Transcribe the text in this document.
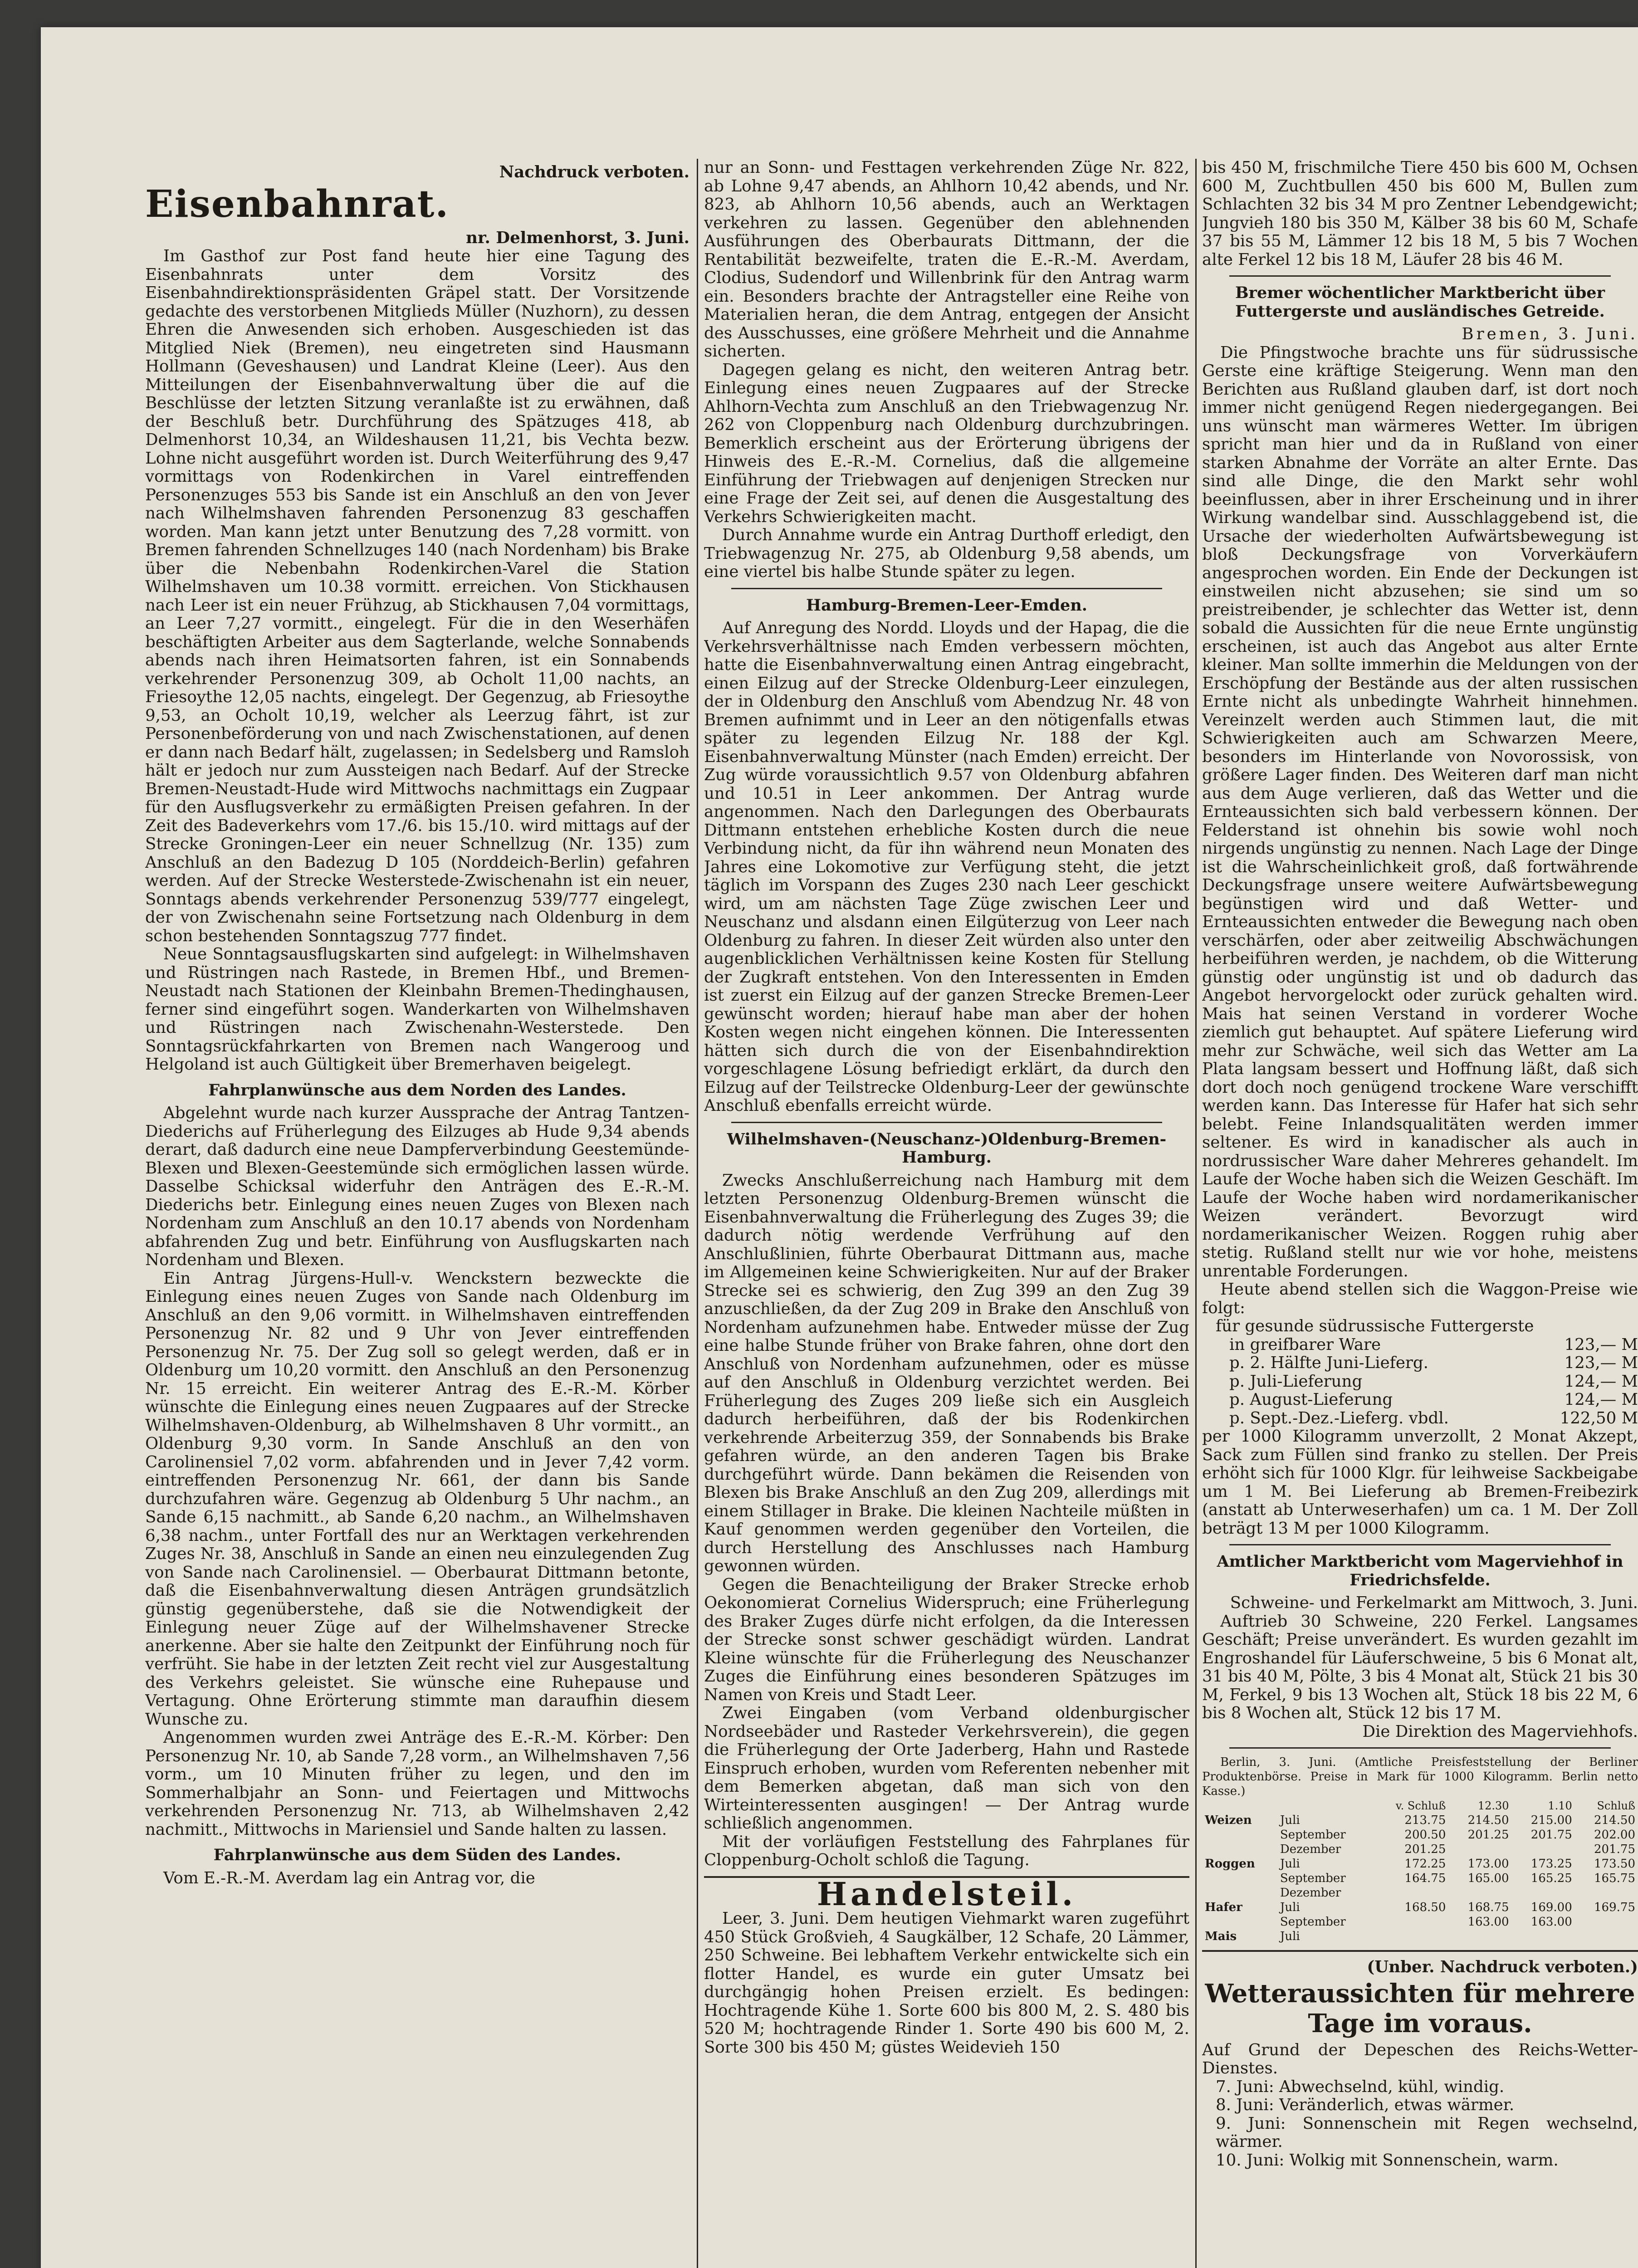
Nachdruck verboten.

Eisenbahnrat.

nr. Delmenhorst, 3. Juni.

Im Gasthof zur Post fand heute hier eine Tagung des Eisenbahnrats unter dem Vorsitz des Eisenbahndirektionspräsidenten Gräpel statt. Der Vorsitzende gedachte des verstorbenen Mitglieds Müller (Nuzhorn), zu dessen Ehren die Anwesenden sich erhoben. Ausgeschieden ist das Mitglied Niek (Bremen), neu eingetreten sind Hausmann Hollmann (Geveshausen) und Landrat Kleine (Leer). Aus den Mitteilungen der Eisenbahnverwaltung über die auf die Beschlüsse der letzten Sitzung veranlaßte ist zu erwähnen, daß der Beschluß betr. Durchführung des Spätzuges 418, ab Delmenhorst 10,34, an Wildeshausen 11,21, bis Vechta bezw. Lohne nicht ausgeführt worden ist. Durch Weiterführung des 9,47 vormittags von Rodenkirchen in Varel eintreffenden Personenzuges 553 bis Sande ist ein Anschluß an den von Jever nach Wilhelmshaven fahrenden Personenzug 83 geschaffen worden. Man kann jetzt unter Benutzung des 7,28 vormitt. von Bremen fahrenden Schnellzuges 140 (nach Nordenham) bis Brake über die Nebenbahn Rodenkirchen-Varel die Station Wilhelmshaven um 10.38 vormitt. erreichen. Von Stickhausen nach Leer ist ein neuer Frühzug, ab Stickhausen 7,04 vormittags, an Leer 7,27 vormitt., eingelegt. Für die in den Weserhäfen beschäftigten Arbeiter aus dem Sagterlande, welche Sonnabends abends nach ihren Heimatsorten fahren, ist ein Sonnabends verkehrender Personenzug 309, ab Ocholt 11,00 nachts, an Friesoythe 12,05 nachts, eingelegt. Der Gegenzug, ab Friesoythe 9,53, an Ocholt 10,19, welcher als Leerzug fährt, ist zur Personenbeförderung von und nach Zwischenstationen, auf denen er dann nach Bedarf hält, zugelassen; in Sedelsberg und Ramsloh hält er jedoch nur zum Aussteigen nach Bedarf. Auf der Strecke Bremen-Neustadt-Hude wird Mittwochs nachmittags ein Zugpaar für den Ausflugsverkehr zu ermäßigten Preisen gefahren. In der Zeit des Badeverkehrs vom 17./6. bis 15./10. wird mittags auf der Strecke Groningen-Leer ein neuer Schnellzug (Nr. 135) zum Anschluß an den Badezug D 105 (Norddeich-Berlin) gefahren werden. Auf der Strecke Westerstede-Zwischenahn ist ein neuer, Sonntags abends verkehrender Personenzug 539/777 eingelegt, der von Zwischenahn seine Fortsetzung nach Oldenburg in dem schon bestehenden Sonntagszug 777 findet.

Neue Sonntagsausflugskarten sind aufgelegt: in Wilhelmshaven und Rüstringen nach Rastede, in Bremen Hbf., und Bremen-Neustadt nach Stationen der Kleinbahn Bremen-Thedinghausen, ferner sind eingeführt sogen. Wanderkarten von Wilhelmshaven und Rüstringen nach Zwischenahn-Westerstede. Den Sonntagsrückfahrkarten von Bremen nach Wangeroog und Helgoland ist auch Gültigkeit über Bremerhaven beigelegt.

Fahrplanwünsche aus dem Norden des Landes.

Abgelehnt wurde nach kurzer Aussprache der Antrag Tantzen-Diederichs auf Früherlegung des Eilzuges ab Hude 9,34 abends derart, daß dadurch eine neue Dampferverbindung Geestemünde-Blexen und Blexen-Geestemünde sich ermöglichen lassen würde. Dasselbe Schicksal widerfuhr den Anträgen des E.-R.-M. Diederichs betr. Einlegung eines neuen Zuges von Blexen nach Nordenham zum Anschluß an den 10.17 abends von Nordenham abfahrenden Zug und betr. Einführung von Ausflugskarten nach Nordenham und Blexen.

Ein Antrag Jürgens-Hull-v. Wenckstern bezweckte die Einlegung eines neuen Zuges von Sande nach Oldenburg im Anschluß an den 9,06 vormitt. in Wilhelmshaven eintreffenden Personenzug Nr. 82 und 9 Uhr von Jever eintreffenden Personenzug Nr. 75. Der Zug soll so gelegt werden, daß er in Oldenburg um 10,20 vormitt. den Anschluß an den Personenzug Nr. 15 erreicht. Ein weiterer Antrag des E.-R.-M. Körber wünschte die Einlegung eines neuen Zugpaares auf der Strecke Wilhelmshaven-Oldenburg, ab Wilhelmshaven 8 Uhr vormitt., an Oldenburg 9,30 vorm. In Sande Anschluß an den von Carolinensiel 7,02 vorm. abfahrenden und in Jever 7,42 vorm. eintreffenden Personenzug Nr. 661, der dann bis Sande durchzufahren wäre. Gegenzug ab Oldenburg 5 Uhr nachm., an Sande 6,15 nachmitt., ab Sande 6,20 nachm., an Wilhelmshaven 6,38 nachm., unter Fortfall des nur an Werktagen verkehrenden Zuges Nr. 38, Anschluß in Sande an einen neu einzulegenden Zug von Sande nach Carolinensiel. — Oberbaurat Dittmann betonte, daß die Eisenbahnverwaltung diesen Anträgen grundsätzlich günstig gegenüberstehe, daß sie die Notwendigkeit der Einlegung neuer Züge auf der Wilhelmshavener Strecke anerkenne. Aber sie halte den Zeitpunkt der Einführung noch für verfrüht. Sie habe in der letzten Zeit recht viel zur Ausgestaltung des Verkehrs geleistet. Sie wünsche eine Ruhepause und Vertagung. Ohne Erörterung stimmte man daraufhin diesem Wunsche zu.

Angenommen wurden zwei Anträge des E.-R.-M. Körber: Den Personenzug Nr. 10, ab Sande 7,28 vorm., an Wilhelmshaven 7,56 vorm., um 10 Minuten früher zu legen, und den im Sommerhalbjahr an Sonn- und Feiertagen und Mittwochs verkehrenden Personenzug Nr. 713, ab Wilhelmshaven 2,42 nachmitt., Mittwochs in Mariensiel und Sande halten zu lassen.

Fahrplanwünsche aus dem Süden des Landes.

Vom E.-R.-M. Averdam lag ein Antrag vor, die

nur an Sonn- und Festtagen verkehrenden Züge Nr. 822, ab Lohne 9,47 abends, an Ahlhorn 10,42 abends, und Nr. 823, ab Ahlhorn 10,56 abends, auch an Werktagen verkehren zu lassen. Gegenüber den ablehnenden Ausführungen des Oberbaurats Dittmann, der die Rentabilität bezweifelte, traten die E.-R.-M. Averdam, Clodius, Sudendorf und Willenbrink für den Antrag warm ein. Besonders brachte der Antragsteller eine Reihe von Materialien heran, die dem Antrag, entgegen der Ansicht des Ausschusses, eine größere Mehrheit und die Annahme sicherten.

Dagegen gelang es nicht, den weiteren Antrag betr. Einlegung eines neuen Zugpaares auf der Strecke Ahlhorn-Vechta zum Anschluß an den Triebwagenzug Nr. 262 von Cloppenburg nach Oldenburg durchzubringen. Bemerklich erscheint aus der Erörterung übrigens der Hinweis des E.-R.-M. Cornelius, daß die allgemeine Einführung der Triebwagen auf denjenigen Strecken nur eine Frage der Zeit sei, auf denen die Ausgestaltung des Verkehrs Schwierigkeiten macht.

Durch Annahme wurde ein Antrag Durthoff erledigt, den Triebwagenzug Nr. 275, ab Oldenburg 9,58 abends, um eine viertel bis halbe Stunde später zu legen.

Hamburg-Bremen-Leer-Emden.

Auf Anregung des Nordd. Lloyds und der Hapag, die die Verkehrsverhältnisse nach Emden verbessern möchten, hatte die Eisenbahnverwaltung einen Antrag eingebracht, einen Eilzug auf der Strecke Oldenburg-Leer einzulegen, der in Oldenburg den Anschluß vom Abendzug Nr. 48 von Bremen aufnimmt und in Leer an den nötigenfalls etwas später zu legenden Eilzug Nr. 188 der Kgl. Eisenbahnverwaltung Münster (nach Emden) erreicht. Der Zug würde voraussichtlich 9.57 von Oldenburg abfahren und 10.51 in Leer ankommen. Der Antrag wurde angenommen. Nach den Darlegungen des Oberbaurats Dittmann entstehen erhebliche Kosten durch die neue Verbindung nicht, da für ihn während neun Monaten des Jahres eine Lokomotive zur Verfügung steht, die jetzt täglich im Vorspann des Zuges 230 nach Leer geschickt wird, um am nächsten Tage Züge zwischen Leer und Neuschanz und alsdann einen Eilgüterzug von Leer nach Oldenburg zu fahren. In dieser Zeit würden also unter den augenblicklichen Verhältnissen keine Kosten für Stellung der Zugkraft entstehen. Von den Interessenten in Emden ist zuerst ein Eilzug auf der ganzen Strecke Bremen-Leer gewünscht worden; hierauf habe man aber der hohen Kosten wegen nicht eingehen können. Die Interessenten hätten sich durch die von der Eisenbahndirektion vorgeschlagene Lösung befriedigt erklärt, da durch den Eilzug auf der Teilstrecke Oldenburg-Leer der gewünschte Anschluß ebenfalls erreicht würde.

Wilhelmshaven-(Neuschanz-)Oldenburg-Bremen-Hamburg.

Zwecks Anschlußerreichung nach Hamburg mit dem letzten Personenzug Oldenburg-Bremen wünscht die Eisenbahnverwaltung die Früherlegung des Zuges 39; die dadurch nötig werdende Verfrühung auf den Anschlußlinien, führte Oberbaurat Dittmann aus, mache im Allgemeinen keine Schwierigkeiten. Nur auf der Braker Strecke sei es schwierig, den Zug 399 an den Zug 39 anzuschließen, da der Zug 209 in Brake den Anschluß von Nordenham aufzunehmen habe. Entweder müsse der Zug eine halbe Stunde früher von Brake fahren, ohne dort den Anschluß von Nordenham aufzunehmen, oder es müsse auf den Anschluß in Oldenburg verzichtet werden. Bei Früherlegung des Zuges 209 ließe sich ein Ausgleich dadurch herbeiführen, daß der bis Rodenkirchen verkehrende Arbeiterzug 359, der Sonnabends bis Brake gefahren würde, an den anderen Tagen bis Brake durchgeführt würde. Dann bekämen die Reisenden von Blexen bis Brake Anschluß an den Zug 209, allerdings mit einem Stillager in Brake. Die kleinen Nachteile müßten in Kauf genommen werden gegenüber den Vorteilen, die durch Herstellung des Anschlusses nach Hamburg gewonnen würden.

Gegen die Benachteiligung der Braker Strecke erhob Oekonomierat Cornelius Widerspruch; eine Früherlegung des Braker Zuges dürfe nicht erfolgen, da die Interessen der Strecke sonst schwer geschädigt würden. Landrat Kleine wünschte für die Früherlegung des Neuschanzer Zuges die Einführung eines besonderen Spätzuges im Namen von Kreis und Stadt Leer.

Zwei Eingaben (vom Verband oldenburgischer Nordseebäder und Rasteder Verkehrsverein), die gegen die Früherlegung der Orte Jaderberg, Hahn und Rastede Einspruch erhoben, wurden vom Referenten nebenher mit dem Bemerken abgetan, daß man sich von den Wirteinteressenten ausgingen! — Der Antrag wurde schließlich angenommen.

Mit der vorläufigen Feststellung des Fahrplanes für Cloppenburg-Ocholt schloß die Tagung.

Handelsteil.

Leer, 3. Juni. Dem heutigen Viehmarkt waren zugeführt 450 Stück Großvieh, 4 Saugkälber, 12 Schafe, 20 Lämmer, 250 Schweine. Bei lebhaftem Verkehr entwickelte sich ein flotter Handel, es wurde ein guter Umsatz bei durchgängig hohen Preisen erzielt. Es bedingen: Hochtragende Kühe 1. Sorte 600 bis 800 M, 2. S. 480 bis 520 M; hochtragende Rinder 1. Sorte 490 bis 600 M, 2. Sorte 300 bis 450 M; güstes Weidevieh 150

bis 450 M, frischmilche Tiere 450 bis 600 M, Ochsen 600 M, Zuchtbullen 450 bis 600 M, Bullen zum Schlachten 32 bis 34 M pro Zentner Lebendgewicht; Jungvieh 180 bis 350 M, Kälber 38 bis 60 M, Schafe 37 bis 55 M, Lämmer 12 bis 18 M, 5 bis 7 Wochen alte Ferkel 12 bis 18 M, Läufer 28 bis 46 M.

Bremer wöchentlicher Marktbericht über Futtergerste und ausländisches Getreide.

Bremen, 3. Juni.

Die Pfingstwoche brachte uns für südrussische Gerste eine kräftige Steigerung. Wenn man den Berichten aus Rußland glauben darf, ist dort noch immer nicht genügend Regen niedergegangen. Bei uns wünscht man wärmeres Wetter. Im übrigen spricht man hier und da in Rußland von einer starken Abnahme der Vorräte an alter Ernte. Das sind alle Dinge, die den Markt sehr wohl beeinflussen, aber in ihrer Erscheinung und in ihrer Wirkung wandelbar sind. Ausschlaggebend ist, die Ursache der wiederholten Aufwärtsbewegung ist bloß Deckungsfrage von Vorverkäufern angesprochen worden. Ein Ende der Deckungen ist einstweilen nicht abzusehen; sie sind um so preistreibender, je schlechter das Wetter ist, denn sobald die Aussichten für die neue Ernte ungünstig erscheinen, ist auch das Angebot aus alter Ernte kleiner. Man sollte immerhin die Meldungen von der Erschöpfung der Bestände aus der alten russischen Ernte nicht als unbedingte Wahrheit hinnehmen. Vereinzelt werden auch Stimmen laut, die mit Schwierigkeiten auch am Schwarzen Meere, besonders im Hinterlande von Novorossisk, von größere Lager finden. Des Weiteren darf man nicht aus dem Auge verlieren, daß das Wetter und die Ernteaussichten sich bald verbessern können. Der Felderstand ist ohnehin bis sowie wohl noch nirgends ungünstig zu nennen. Nach Lage der Dinge ist die Wahrscheinlichkeit groß, daß fortwährende Deckungsfrage unsere weitere Aufwärtsbewegung begünstigen wird und daß Wetter- und Ernteaussichten entweder die Bewegung nach oben verschärfen, oder aber zeitweilig Abschwächungen herbeiführen werden, je nachdem, ob die Witterung günstig oder ungünstig ist und ob dadurch das Angebot hervorgelockt oder zurück gehalten wird. Mais hat seinen Verstand in vorderer Woche ziemlich gut behauptet. Auf spätere Lieferung wird mehr zur Schwäche, weil sich das Wetter am La Plata langsam bessert und Hoffnung läßt, daß sich dort doch noch genügend trockene Ware verschifft werden kann. Das Interesse für Hafer hat sich sehr belebt. Feine Inlandsqualitäten werden immer seltener. Es wird in kanadischer als auch in nordrussischer Ware daher Mehreres gehandelt. Im Laufe der Woche haben sich die Weizen Geschäft. Im Laufe der Woche haben wird nordamerikanischer Weizen verändert. Bevorzugt wird nordamerikanischer Weizen. Roggen ruhig aber stetig. Rußland stellt nur wie vor hohe, meistens unrentable Forderungen.

Heute abend stellen sich die Waggon-Preise wie folgt:

für gesunde südrussische Futtergerste

in greifbarer Ware	123,— M
p. 2. Hälfte Juni-Lieferg.	123,— M
p. Juli-Lieferung	124,— M
p. August-Lieferung	124,— M
p. Sept.-Dez.-Lieferg. vbdl.	122,50 M

per 1000 Kilogramm unverzollt, 2 Monat Akzept, Sack zum Füllen sind franko zu stellen. Der Preis erhöht sich für 1000 Klgr. für leihweise Sackbeigabe um 1 M. Bei Lieferung ab Bremen-Freibezirk (anstatt ab Unterweserhafen) um ca. 1 M. Der Zoll beträgt 13 M per 1000 Kilogramm.

Amtlicher Marktbericht vom Magerviehhof in Friedrichsfelde.

Schweine- und Ferkelmarkt am Mittwoch, 3. Juni.

Auftrieb 30 Schweine, 220 Ferkel. Langsames Geschäft; Preise unverändert. Es wurden gezahlt im Engroshandel für Läuferschweine, 5 bis 6 Monat alt, 31 bis 40 M, Pölte, 3 bis 4 Monat alt, Stück 21 bis 30 M, Ferkel, 9 bis 13 Wochen alt, Stück 18 bis 22 M, 6 bis 8 Wochen alt, Stück 12 bis 17 M.

Die Direktion des Magerviehhofs.

Berlin, 3. Juni. (Amtliche Preisfeststellung der Berliner Produktenbörse. Preise in Mark für 1000 Kilogramm. Berlin netto Kasse.)

		v. Schluß	12.30	1.10	Schluß
Weizen	Juli	213.75	214.50	215.00	214.50
	September	200.50	201.25	201.75	202.00
	Dezember	201.25			201.75
Roggen	Juli	172.25	173.00	173.25	173.50
	September	164.75	165.00	165.25	165.75
	Dezember				
Hafer	Juli	168.50	168.75	169.00	169.75
	September		163.00	163.00	
Mais	Juli				

(Unber. Nachdruck verboten.)

Wetteraussichten für mehrere Tage im voraus.

Auf Grund der Depeschen des Reichs-Wetter-Dienstes.

7. Juni: Abwechselnd, kühl, windig.

8. Juni: Veränderlich, etwas wärmer.

9. Juni: Sonnenschein mit Regen wechselnd, wärmer.

10. Juni: Wolkig mit Sonnenschein, warm.
